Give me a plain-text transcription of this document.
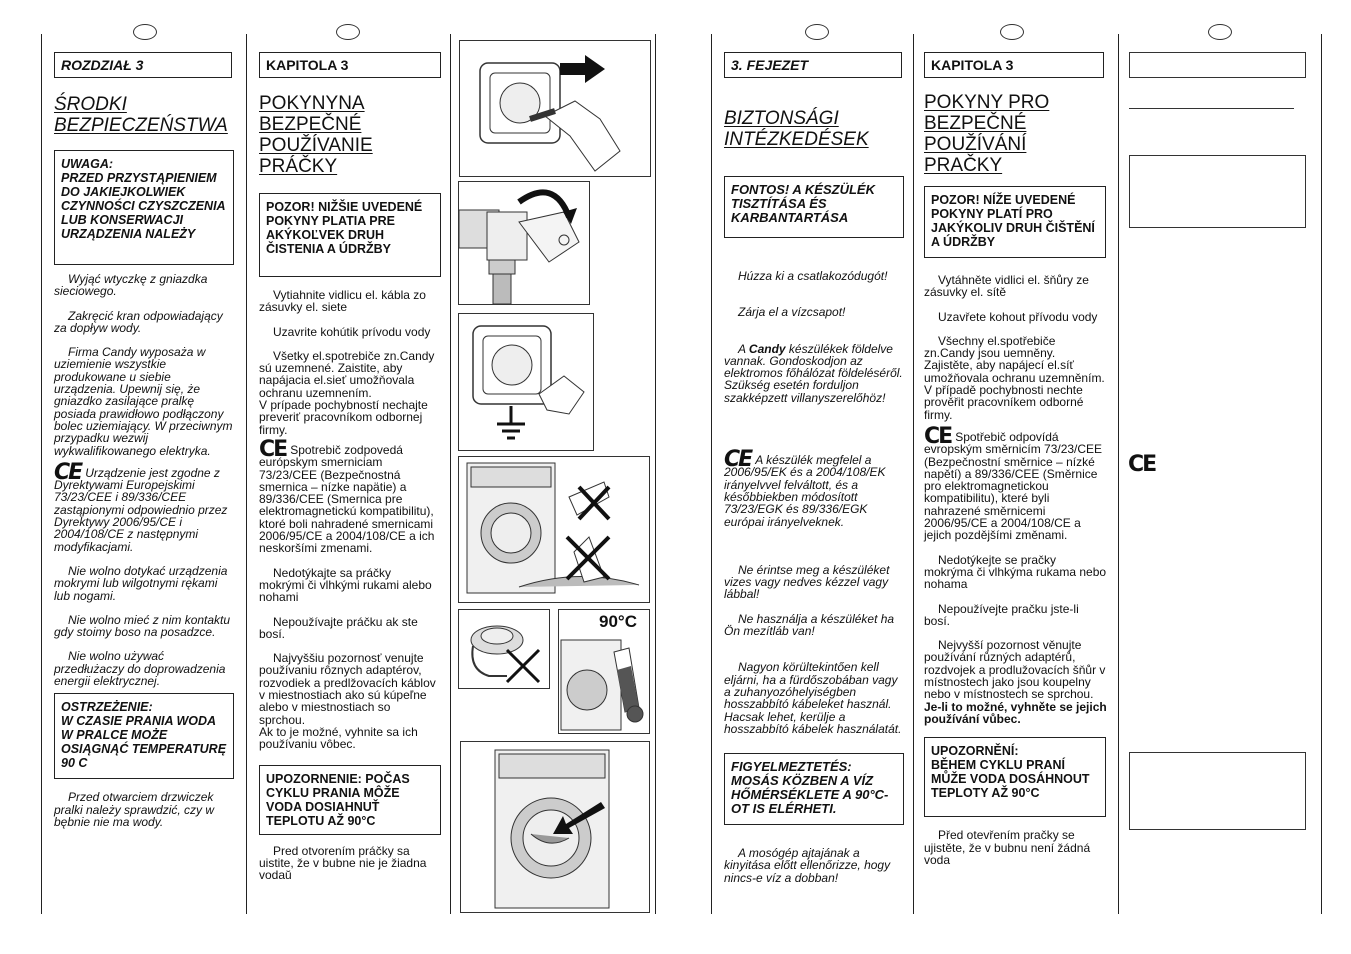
ROZDZIAŁ 3
ŚRODKI
BEZPIECZEŃSTWA
UWAGA:
PRZED PRZYSTĄPIENIEM DO JAKIEJKOLWIEK CZYNNOŚCI CZYSZCZENIA LUB KONSERWACJI URZĄDZENIA NALEŻY

Wyjąć wtyczkę z gniazdka sieciowego.

Zakręcić kran odpowiadający za dopływ wody.

Firma Candy wyposaża w uziemienie wszystkie produkowane u siebie urządzenia. Upewnij się, że gniazdko zasilające pralkę posiada prawidłowo podłączony bolec uziemiający. W przeciwnym przypadku wezwij wykwalifikowanego elektryka.

CE Urządzenie jest zgodne z Dyrektywami Europejskimi 73/23/CEE i 89/336/CEE zastąpionymi odpowiednio przez Dyrektywy 2006/95/CE i 2004/108/CE z następnymi modyfikacjami.

Nie wolno dotykać urządzenia mokrymi lub wilgotnymi rękami lub nogami.

Nie wolno mieć z nim kontaktu gdy stoimy boso na posadzce.

Nie wolno używać przedłużaczy do doprowadzenia energii elektrycznej.

OSTRZEŻENIE:
W CZASIE PRANIA WODA W PRALCE MOŻE OSIĄGNĄĆ TEMPERATURĘ 90 C

Przed otwarciem drzwiczek pralki należy sprawdzić, czy w bębnie nie ma wody.

KAPITOLA 3
POKYNYNA
BEZPEČNÉ
POUŽÍVANIE
PRÁČKY
POZOR! NIŽŠIE UVEDENÉ POKYNY PLATIA PRE AKÝKOĽVEK DRUH ČISTENIA A ÚDRŽBY

Vytiahnite vidlicu el. kábla zo zásuvky el. siete

Uzavrite kohútik prívodu vody

Všetky el.spotrebiče zn.Candy sú uzemnené. Zaistite, aby napájacia el.sieť umožňovala ochranu uzemnením.
V prípade pochybností nechajte preveriť pracovníkom odbornej firmy.

CE Spotrebič zodpovedá európskym smerniciam 73/23/CEE (Bezpečnostná smernica – nízke napätie) a 89/336/CEE (Smernica pre elektromagnetickú kompatibilitu), ktoré boli nahradené smernicami 2006/95/CE a 2004/108/CE a ich neskoršími zmenami.

Nedotýkajte sa práčky mokrými či vlhkými rukami alebo nohami

Nepoužívajte práčku ak ste bosí.

Najvyššiu pozornosť venujte používaniu rôznych adaptérov, rozvodiek a predlžovacích káblov v miestnostiach ako sú kúpeľne alebo v miestnostiach so sprchou.
Ak to je možné, vyhnite sa ich používaniu vôbec.

UPOZORNENIE: POČAS CYKLU PRANIA MÔŽE VODA DOSIAHNUŤ TEPLOTU AŽ 90°C

Pred otvorením práčky sa uistite, že v bubne nie je žiadna vodaŭ

90°C
3. FEJEZET
BIZTONSÁGI
INTÉZKEDÉSEK
FONTOS! A KÉSZÜLÉK TISZTÍTÁSA ÉS KARBANTARTÁSA

Húzza ki a csatlakozódugót!

Zárja el a vízcsapot!

A Candy készülékek földelve vannak. Gondoskodjon az elektromos főhálózat földeléséről. Szükség esetén forduljon szakképzett villanyszerelőhöz!

CE A készülék megfelel a 2006/95/EK és a 2004/108/EK irányelvvel felváltott, és a későbbiekben módosított 73/23/EGK és 89/336/EGK európai irányelveknek.

Ne érintse meg a készüléket vizes vagy nedves kézzel vagy lábbal!

Ne használja a készüléket ha Ön mezítláb van!

Nagyon körültekintően kell eljárni, ha a fürdőszobában vagy a zuhanyozóhelyiségben hosszabbító kábeleket használ. Hacsak lehet, kerülje a hosszabbító kábelek használatát.

FIGYELMEZTETÉS: MOSÁS KÖZBEN A VÍZ HŐMÉRSÉKLETE A 90°C-OT IS ELÉRHETI.

A mosógép ajtajának a kinyitása előtt ellenőrizze, hogy nincs-e víz a dobban!

KAPITOLA 3
POKYNY PRO
BEZPEČNÉ
POUŽÍVÁNÍ PRAČKY
POZOR! NÍŽE UVEDENÉ POKYNY PLATÍ PRO JAKÝKOLIV DRUH ČIŠTĚNÍ A ÚDRŽBY

Vytáhněte vidlici el. šňůry ze zásuvky el. sítě

Uzavřete kohout přívodu vody

Všechny el.spotřebiče zn.Candy jsou uemněny. Zajistěte, aby napájecí el.síť umožňovala ochranu uzemněním.
V případě pochybnosti nechte prověřit pracovníkem odborné firmy.

CE Spotřebič odpovídá evropským směrnicím 73/23/CEE (Bezpečnostní směrnice – nízké napětí) a 89/336/CEE (Směrnice pro elektromagnetickou kompatibilitu), které byli nahrazené směrnicemi 2006/95/CE a 2004/108/CE a jejich pozdějšími změnami.

Nedotýkejte se pračky mokrýma či vlhkýma rukama nebo nohama

Nepoužívejte pračku jste-li bosí.

Nejvyšší pozornost věnujte používání různých adaptérů, rozdvojek a prodlužovacích šňůr v místnostech jako jsou koupelny nebo v místnostech se sprchou.

Je-li to možné, vyhněte se jejich používání vůbec.

UPOZORNĚNÍ:
BĚHEM CYKLU PRANÍ MŮŽE VODA DOSÁHNOUT TEPLOTY AŽ 90°C

Před otevřením pračky se ujistěte, že v bubnu není žádná voda

CE
